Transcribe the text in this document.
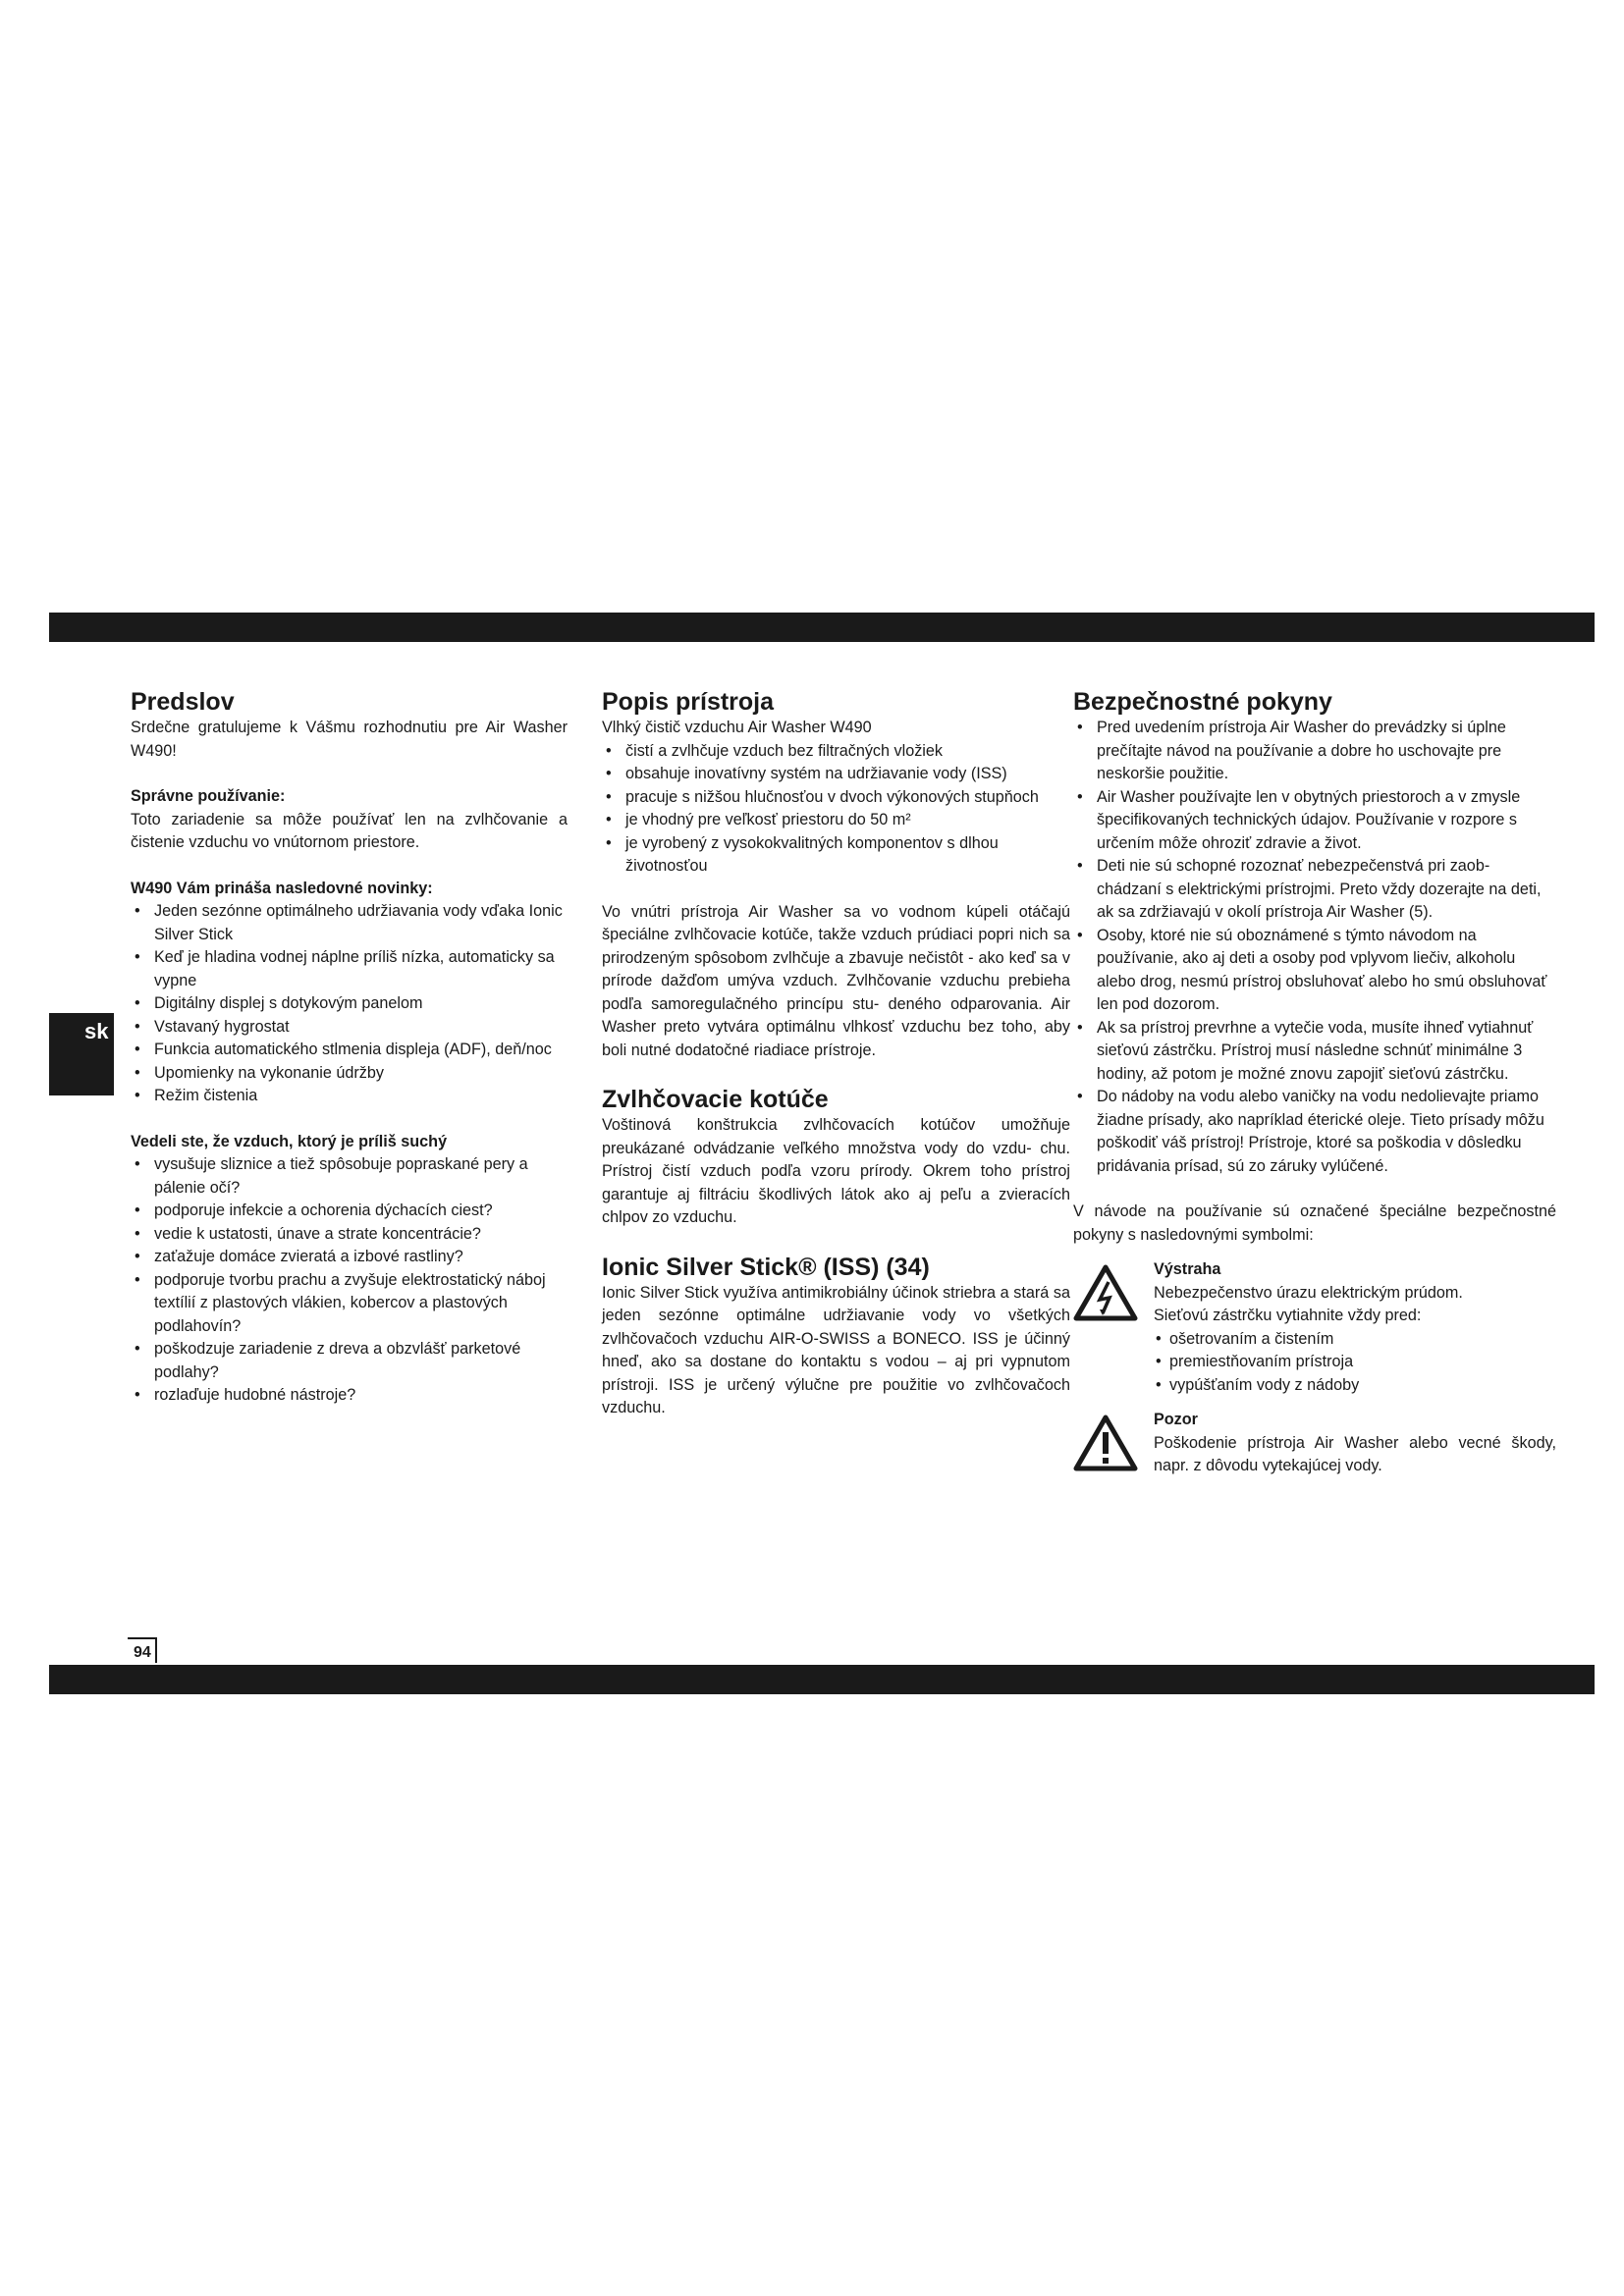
sk
Predslov

Srdečne gratulujeme k Vášmu rozhodnutiu pre Air Washer W490!

Správne používanie:

Toto zariadenie sa môže používať len na zvlhčovanie a čistenie vzduchu vo vnútornom priestore.

W490 Vám prináša nasledovné novinky:
• Jeden sezónne optimálneho udržiavania vody vďaka Ionic Silver Stick
• Keď je hladina vodnej náplne príliš nízka, automaticky sa vypne
• Digitálny displej s dotykovým panelom
• Vstavaný hygrostat
• Funkcia automatického stlmenia displeja (ADF), deň/noc
• Upomienky na vykonanie údržby
• Režim čistenia
Vedeli ste, že vzduch, ktorý je príliš suchý
• vysušuje sliznice a tiež spôsobuje popraskané pery a pálenie očí?
• podporuje infekcie a ochorenia dýchacích ciest?
• vedie k ustatosti, únave a strate koncentrácie?
• zaťažuje domáce zvieratá a izbové rastliny?
• podporuje tvorbu prachu a zvyšuje elektrostatický náboj textílií z plastových vlákien, kobercov a plastových podlahovín?
• poškodzuje zariadenie z dreva a obzvlášť parketové podlahy?
• rozlaďuje hudobné nástroje?
Popis prístroja

Vlhký čistič vzduchu Air Washer W490

• čistí a zvlhčuje vzduch bez filtračných vložiek
• obsahuje inovatívny systém na udržiavanie vody (ISS)
• pracuje s nižšou hlučnosťou v dvoch výkonových stupňoch
• je vhodný pre veľkosť priestoru do 50 m²
• je vyrobený z vysokokvalitných komponentov s dlhou životnosťou

Vo vnútri prístroja Air Washer sa vo vodnom kúpeli otáčajú špeciálne zvlhčovacie kotúče, takže vzduch prúdiaci popri nich sa prirodzeným spôsobom zvlhčuje a zbavuje nečistôt - ako keď sa v prírode dažďom umýva vzduch. Zvlhčovanie vzduchu prebieha podľa samoregulačného princípu stu- deného odparovania. Air Washer preto vytvára optimálnu vlhkosť vzduchu bez toho, aby boli nutné dodatočné riadiace prístroje.

Zvlhčovacie kotúče

Voštinová konštrukcia zvlhčovacích kotúčov umožňuje preukázané odvádzanie veľkého množstva vody do vzdu- chu. Prístroj čistí vzduch podľa vzoru prírody. Okrem toho prístroj garantuje aj filtráciu škodlivých látok ako aj peľu a zvieracích chlpov zo vzduchu.

Ionic Silver Stick® (ISS) (34)

Ionic Silver Stick využíva antimikrobiálny účinok striebra a stará sa jeden sezónne optimálne udržiavanie vody vo všetkých zvlhčovačoch vzduchu AIR-O-SWISS a BONECO. ISS je účinný hneď, ako sa dostane do kontaktu s vodou – aj pri vypnutom prístroji. ISS je určený výlučne pre použitie vo zvlhčovačoch vzduchu.

Bezpečnostné pokyny
• Pred uvedením prístroja Air Washer do prevádzky si úplne prečítajte návod na používanie a dobre ho uschovajte pre neskoršie použitie.
• Air Washer používajte len v obytných priestoroch a v zmysle špecifikovaných technických údajov. Používanie v rozpore s určením môže ohroziť zdravie a život.
• Deti nie sú schopné rozoznať nebezpečenstvá pri zaob- chádzaní s elektrickými prístrojmi. Preto vždy dozerajte na deti, ak sa zdržiavajú v okolí prístroja Air Washer (5).
• Osoby, ktoré nie sú oboznámené s týmto návodom na používanie, ako aj deti a osoby pod vplyvom liečiv, alkoholu alebo drog, nesmú prístroj obsluhovať alebo ho smú obsluhovať len pod dozorom.
• Ak sa prístroj prevrhne a vytečie voda, musíte ihneď vytiahnuť sieťovú zástrčku. Prístroj musí následne schnúť minimálne 3 hodiny, až potom je možné znovu zapojiť sieťovú zástrčku.
• Do nádoby na vodu alebo vaničky na vodu nedolievajte priamo žiadne prísady, ako napríklad éterické oleje. Tieto prísady môžu poškodiť váš prístroj! Prístroje, ktoré sa poškodia v dôsledku pridávania prísad, sú zo záruky vylúčené.

V návode na používanie sú označené špeciálne bezpečnostné pokyny s nasledovnými symbolmi:

Výstraha

Nebezpečenstvo úrazu elektrickým prúdom.

Sieťovú zástrčku vytiahnite vždy pred:

• ošetrovaním a čistením
• premiestňovaním prístroja
• vypúšťaním vody z nádoby
Pozor

Poškodenie prístroja Air Washer alebo vecné škody, napr. z dôvodu vytekajúcej vody.

94
